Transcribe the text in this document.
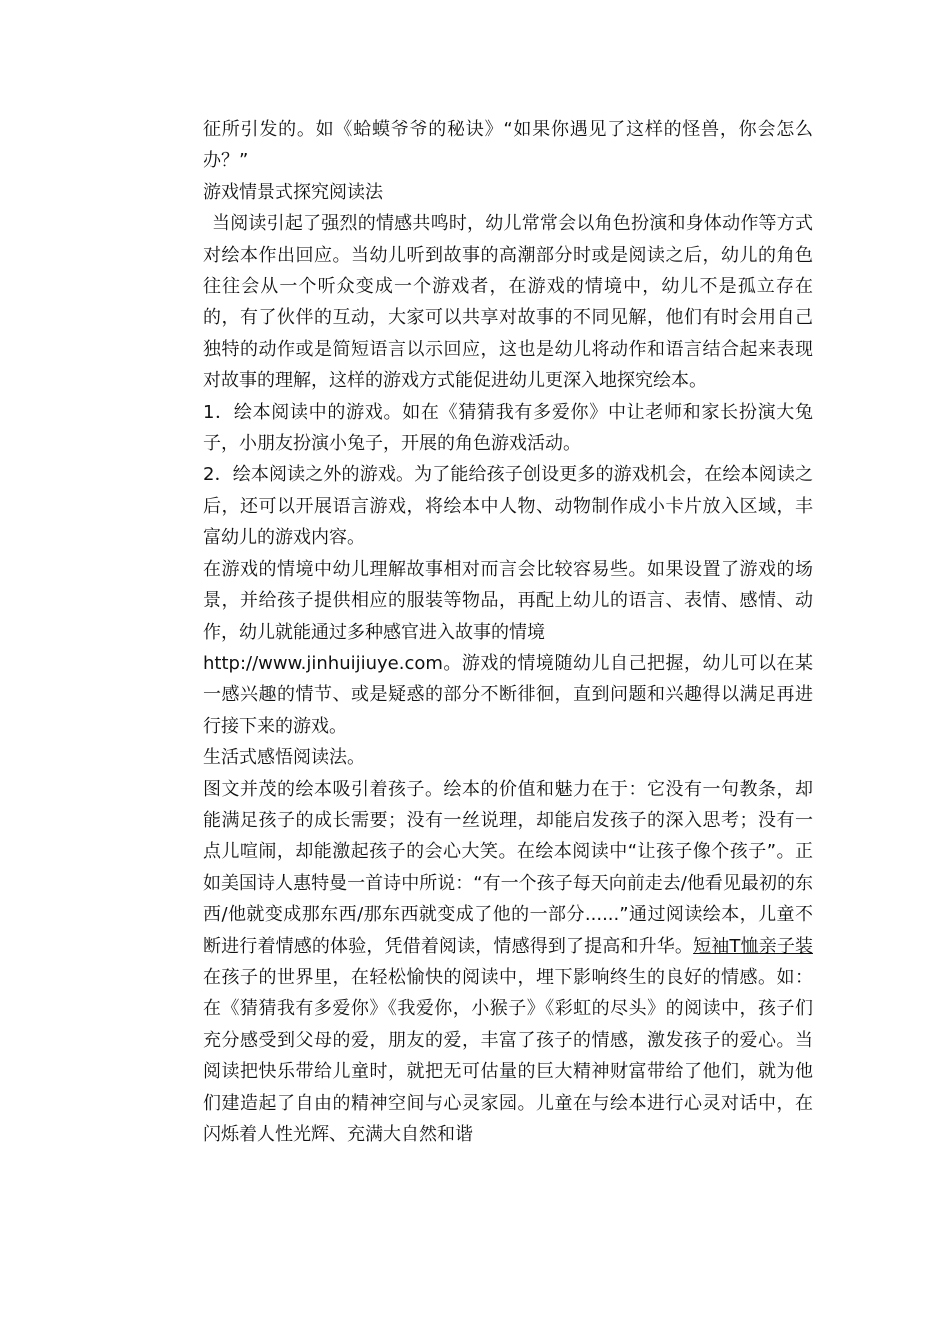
征所引发的。如《蛤蟆爷爷的秘诀》“如果你遇见了这样的怪兽，你会怎么办？”

游戏情景式探究阅读法

当阅读引起了强烈的情感共鸣时，幼儿常常会以角色扮演和身体动作等方式对绘本作出回应。当幼儿听到故事的高潮部分时或是阅读之后，幼儿的角色往往会从一个听众变成一个游戏者，在游戏的情境中，幼儿不是孤立存在的，有了伙伴的互动，大家可以共享对故事的不同见解，他们有时会用自己独特的动作或是简短语言以示回应，这也是幼儿将动作和语言结合起来表现对故事的理解，这样的游戏方式能促进幼儿更深入地探究绘本。

1．绘本阅读中的游戏。如在《猜猜我有多爱你》中让老师和家长扮演大兔子，小朋友扮演小兔子，开展的角色游戏活动。

2．绘本阅读之外的游戏。为了能给孩子创设更多的游戏机会，在绘本阅读之后，还可以开展语言游戏，将绘本中人物、动物制作成小卡片放入区域，丰富幼儿的游戏内容。

在游戏的情境中幼儿理解故事相对而言会比较容易些。如果设置了游戏的场景，并给孩子提供相应的服装等物品，再配上幼儿的语言、表情、感情、动作，幼儿就能通过多种感官进入故事的情境

http://www.jinhuijiuye.com。游戏的情境随幼儿自己把握，幼儿可以在某一感兴趣的情节、或是疑惑的部分不断徘徊，直到问题和兴趣得以满足再进行接下来的游戏。

生活式感悟阅读法。

图文并茂的绘本吸引着孩子。绘本的价值和魅力在于：它没有一句教条，却能满足孩子的成长需要；没有一丝说理，却能启发孩子的深入思考；没有一点儿喧闹，却能激起孩子的会心大笑。在绘本阅读中“让孩子像个孩子”。正如美国诗人惠特曼一首诗中所说：“有一个孩子每天向前走去/他看见最初的东西/他就变成那东西/那东西就变成了他的一部分......”通过阅读绘本，儿童不断进行着情感的体验，凭借着阅读，情感得到了提高和升华。短袖T恤亲子装在孩子的世界里，在轻松愉快的阅读中，埋下影响终生的良好的情感。如：在《猜猜我有多爱你》《我爱你，小猴子》《彩虹的尽头》的阅读中，孩子们充分感受到父母的爱，朋友的爱，丰富了孩子的情感，激发孩子的爱心。当阅读把快乐带给儿童时，就把无可估量的巨大精神财富带给了他们，就为他们建造起了自由的精神空间与心灵家园。儿童在与绘本进行心灵对话中，在闪烁着人性光辉、充满大自然和谐
